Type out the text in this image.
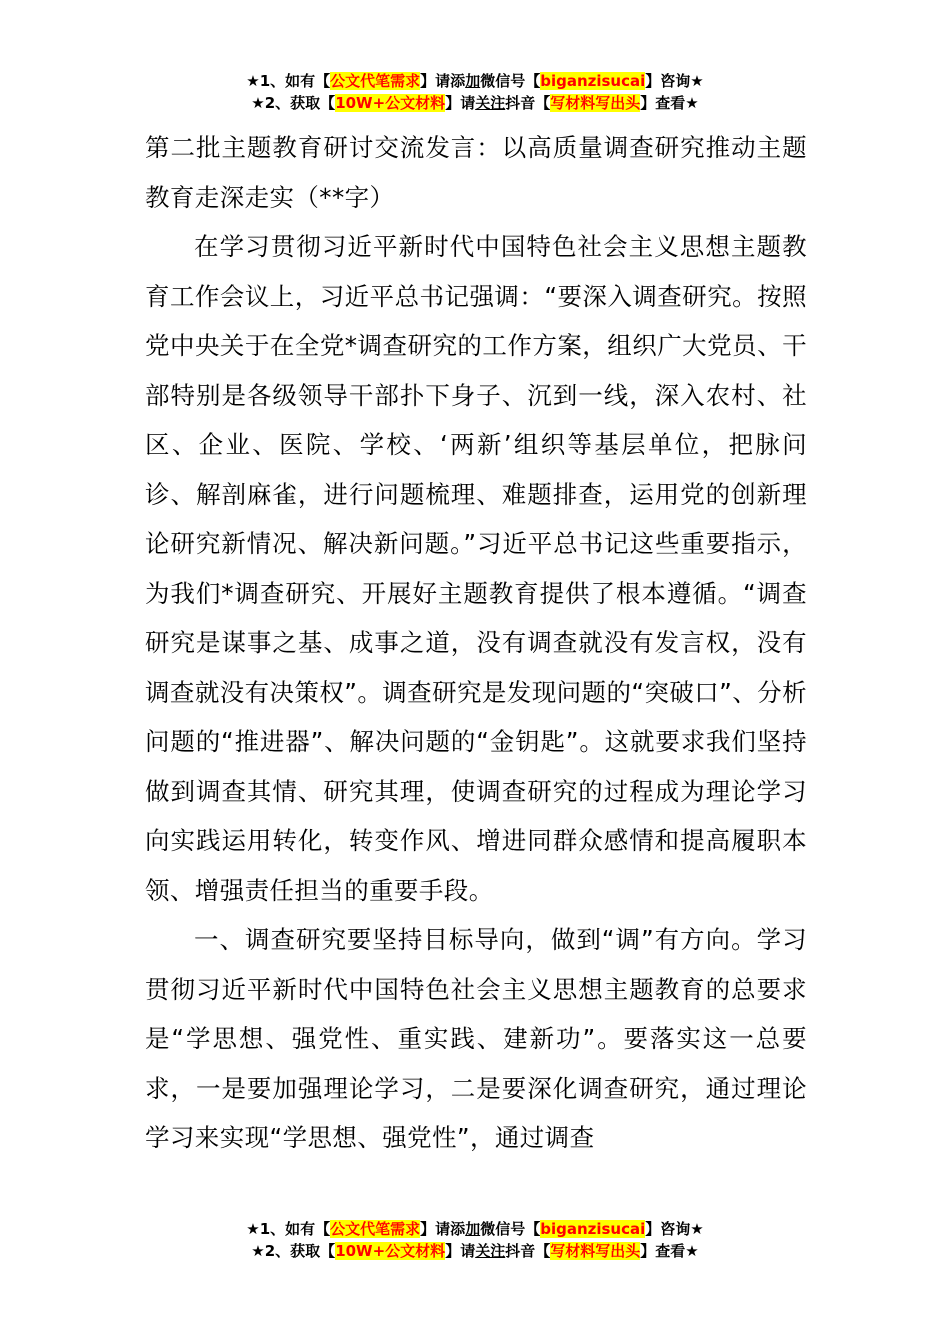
★1、如有【公文代笔需求】请添加微信号【biganzisucai】咨询★
★2、获取【10W+公文材料】请关注抖音【写材料写出头】查看★

第二批主题教育研讨交流发言：以高质量调查研究推动主题教育走深走实（**字）

在学习贯彻习近平新时代中国特色社会主义思想主题教育工作会议上，习近平总书记强调：“要深入调查研究。按照党中央关于在全党*调查研究的工作方案，组织广大党员、干部特别是各级领导干部扑下身子、沉到一线，深入农村、社区、企业、医院、学校、‘两新’组织等基层单位，把脉问诊、解剖麻雀，进行问题梳理、难题排查，运用党的创新理论研究新情况、解决新问题。”习近平总书记这些重要指示，为我们*调查研究、开展好主题教育提供了根本遵循。“调查研究是谋事之基、成事之道，没有调查就没有发言权，没有调查就没有决策权”。调查研究是发现问题的“突破口”、分析问题的“推进器”、解决问题的“金钥匙”。这就要求我们坚持做到调查其情、研究其理，使调查研究的过程成为理论学习向实践运用转化，转变作风、增进同群众感情和提高履职本领、增强责任担当的重要手段。

一、调查研究要坚持目标导向，做到“调”有方向。学习贯彻习近平新时代中国特色社会主义思想主题教育的总要求是“学思想、强党性、重实践、建新功”。要落实这一总要求，一是要加强理论学习，二是要深化调查研究，通过理论学习来实现“学思想、强党性”，通过调查

★1、如有【公文代笔需求】请添加微信号【biganzisucai】咨询★
★2、获取【10W+公文材料】请关注抖音【写材料写出头】查看★
